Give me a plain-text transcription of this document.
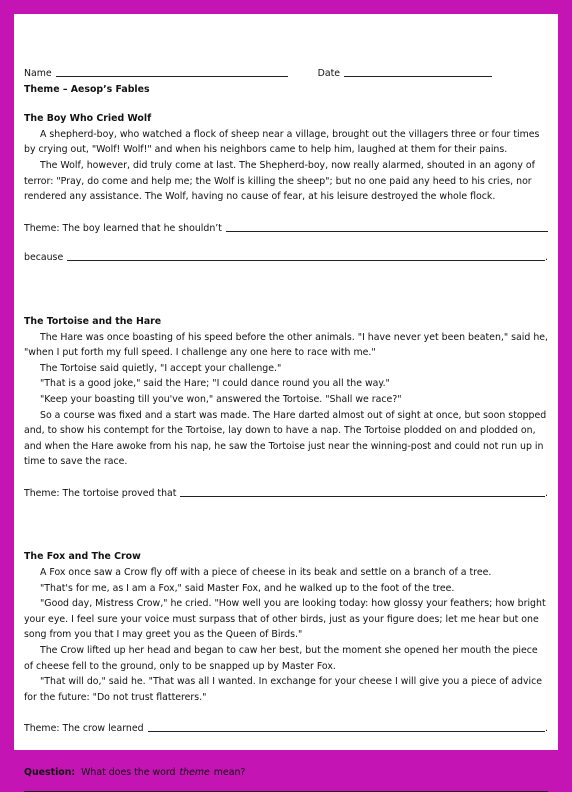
Name	Date
Theme – Aesop’s Fables
The Boy Who Cried Wolf

A shepherd-boy, who watched a flock of sheep near a village, brought out the villagers three or four times by crying out, "Wolf! Wolf!" and when his neighbors came to help him, laughed at them for their pains.

The Wolf, however, did truly come at last. The Shepherd-boy, now really alarmed, shouted in an agony of terror: "Pray, do come and help me; the Wolf is killing the sheep"; but no one paid any heed to his cries, nor rendered any assistance. The Wolf, having no cause of fear, at his leisure destroyed the whole flock.

Theme: The boy learned that he shouldn’t
because	.
The Tortoise and the Hare

The Hare was once boasting of his speed before the other animals. "I have never yet been beaten," said he, "when I put forth my full speed. I challenge any one here to race with me."

The Tortoise said quietly, "I accept your challenge."

"That is a good joke," said the Hare; "I could dance round you all the way."

"Keep your boasting till you've won," answered the Tortoise. "Shall we race?"

So a course was fixed and a start was made. The Hare darted almost out of sight at once, but soon stopped and, to show his contempt for the Tortoise, lay down to have a nap. The Tortoise plodded on and plodded on, and when the Hare awoke from his nap, he saw the Tortoise just near the winning-post and could not run up in time to save the race.

Theme: The tortoise proved that	.
The Fox and The Crow

A Fox once saw a Crow fly off with a piece of cheese in its beak and settle on a branch of a tree.

"That's for me, as I am a Fox," said Master Fox, and he walked up to the foot of the tree.

"Good day, Mistress Crow," he cried. "How well you are looking today: how glossy your feathers; how bright your eye. I feel sure your voice must surpass that of other birds, just as your figure does; let me hear but one song from you that I may greet you as the Queen of Birds."

The Crow lifted up her head and began to caw her best, but the moment she opened her mouth the piece of cheese fell to the ground, only to be snapped up by Master Fox.

"That will do," said he. "That was all I wanted. In exchange for your cheese I will give you a piece of advice for the future: "Do not trust flatterers."

Theme: The crow learned	.
Question: What does the word theme mean?
